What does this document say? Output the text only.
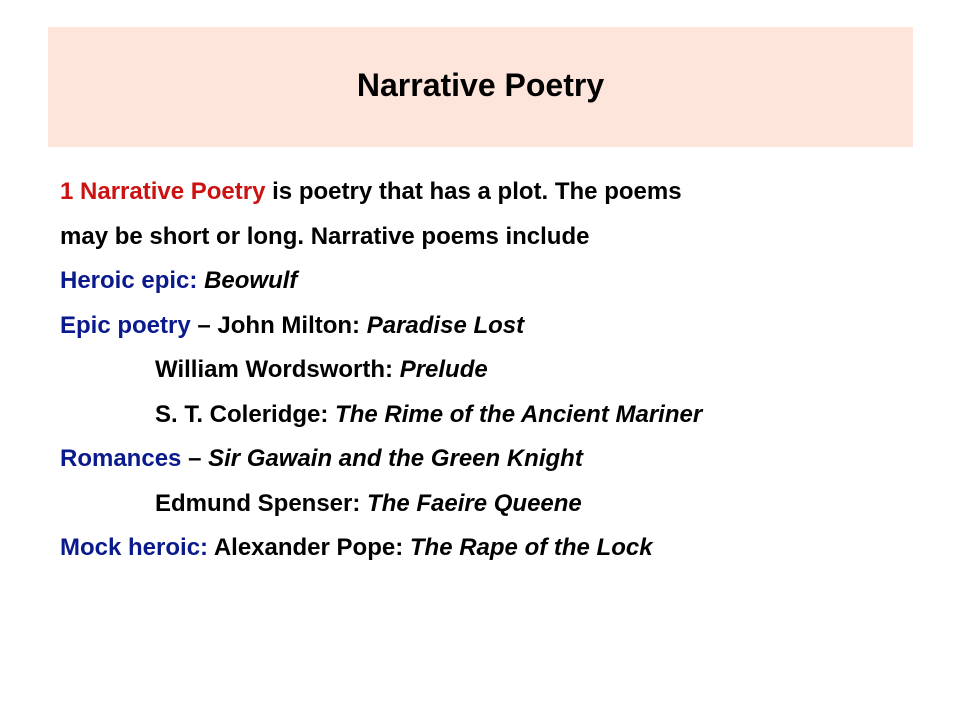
Narrative Poetry
1 Narrative Poetry is poetry that has a plot. The poems
may be short or long. Narrative poems include
Heroic epic: Beowulf
Epic poetry – John Milton: Paradise Lost
William Wordsworth: Prelude
S. T. Coleridge: The Rime of the Ancient Mariner
Romances – Sir Gawain and the Green Knight
Edmund Spenser: The Faeire Queene
Mock heroic: Alexander Pope: The Rape of the Lock
